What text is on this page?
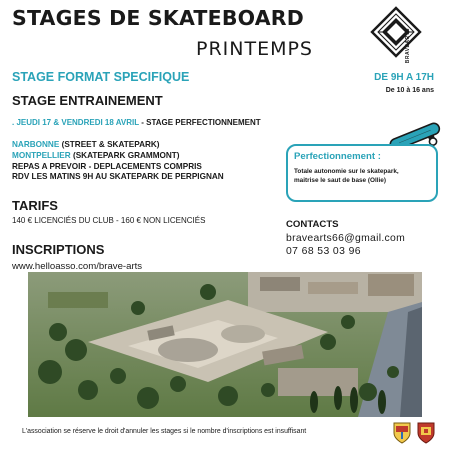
STAGES DE SKATEBOARD
PRINTEMPS	BRAVEARTS
STAGE FORMAT SPECIFIQUE	DE 9H A 17H
De 10 à 16 ans
STAGE ENTRAINEMENT
. JEUDI 17 & VENDREDI 18 AVRIL - STAGE PERFECTIONNEMENT
NARBONNE (STREET & SKATEPARK)
MONTPELLIER (SKATEPARK GRAMMONT)
REPAS A PREVOIR - DEPLACEMENTS COMPRIS
RDV LES MATINS 9H AU SKATEPARK DE PERPIGNAN
Perfectionnement :
Totale autonomie sur le skatepark,
maitrise le saut de base (Ollie)
TARIFS
140 € LICENCIÉS DU CLUB - 160 € NON LICENCIÉS	CONTACTS
bravearts66@gmail.com
07 68 53 03 96
INSCRIPTIONS
www.helloasso.com/brave-arts
L'association se réserve le droit d'annuler les stages si le nombre d'inscriptions est insuffisant
